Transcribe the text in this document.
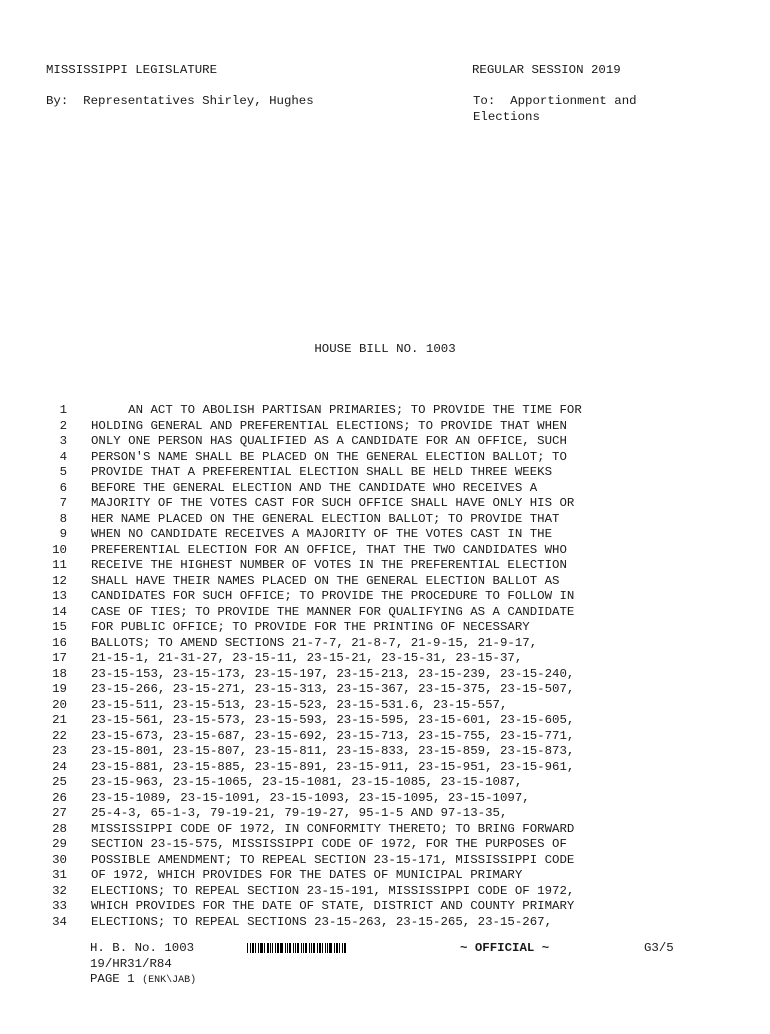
MISSISSIPPI LEGISLATURE	REGULAR SESSION 2019
By:  Representatives Shirley, Hughes	To:  Apportionment and
Elections
HOUSE BILL NO. 1003
1 AN ACT TO ABOLISH PARTISAN PRIMARIES; TO PROVIDE THE TIME FOR
2 HOLDING GENERAL AND PREFERENTIAL ELECTIONS; TO PROVIDE THAT WHEN
3 ONLY ONE PERSON HAS QUALIFIED AS A CANDIDATE FOR AN OFFICE, SUCH
4 PERSON'S NAME SHALL BE PLACED ON THE GENERAL ELECTION BALLOT; TO
5 PROVIDE THAT A PREFERENTIAL ELECTION SHALL BE HELD THREE WEEKS
6 BEFORE THE GENERAL ELECTION AND THE CANDIDATE WHO RECEIVES A
7 MAJORITY OF THE VOTES CAST FOR SUCH OFFICE SHALL HAVE ONLY HIS OR
8 HER NAME PLACED ON THE GENERAL ELECTION BALLOT; TO PROVIDE THAT
9 WHEN NO CANDIDATE RECEIVES A MAJORITY OF THE VOTES CAST IN THE
10 PREFERENTIAL ELECTION FOR AN OFFICE, THAT THE TWO CANDIDATES WHO
11 RECEIVE THE HIGHEST NUMBER OF VOTES IN THE PREFERENTIAL ELECTION
12 SHALL HAVE THEIR NAMES PLACED ON THE GENERAL ELECTION BALLOT AS
13 CANDIDATES FOR SUCH OFFICE; TO PROVIDE THE PROCEDURE TO FOLLOW IN
14 CASE OF TIES; TO PROVIDE THE MANNER FOR QUALIFYING AS A CANDIDATE
15 FOR PUBLIC OFFICE; TO PROVIDE FOR THE PRINTING OF NECESSARY
16 BALLOTS; TO AMEND SECTIONS 21-7-7, 21-8-7, 21-9-15, 21-9-17,
17 21-15-1, 21-31-27, 23-15-11, 23-15-21, 23-15-31, 23-15-37,
18 23-15-153, 23-15-173, 23-15-197, 23-15-213, 23-15-239, 23-15-240,
19 23-15-266, 23-15-271, 23-15-313, 23-15-367, 23-15-375, 23-15-507,
20 23-15-511, 23-15-513, 23-15-523, 23-15-531.6, 23-15-557,
21 23-15-561, 23-15-573, 23-15-593, 23-15-595, 23-15-601, 23-15-605,
22 23-15-673, 23-15-687, 23-15-692, 23-15-713, 23-15-755, 23-15-771,
23 23-15-801, 23-15-807, 23-15-811, 23-15-833, 23-15-859, 23-15-873,
24 23-15-881, 23-15-885, 23-15-891, 23-15-911, 23-15-951, 23-15-961,
25 23-15-963, 23-15-1065, 23-15-1081, 23-15-1085, 23-15-1087,
26 23-15-1089, 23-15-1091, 23-15-1093, 23-15-1095, 23-15-1097,
27 25-4-3, 65-1-3, 79-19-21, 79-19-27, 95-1-5 AND 97-13-35,
28 MISSISSIPPI CODE OF 1972, IN CONFORMITY THERETO; TO BRING FORWARD
29 SECTION 23-15-575, MISSISSIPPI CODE OF 1972, FOR THE PURPOSES OF
30 POSSIBLE AMENDMENT; TO REPEAL SECTION 23-15-171, MISSISSIPPI CODE
31 OF 1972, WHICH PROVIDES FOR THE DATES OF MUNICIPAL PRIMARY
32 ELECTIONS; TO REPEAL SECTION 23-15-191, MISSISSIPPI CODE OF 1972,
33 WHICH PROVIDES FOR THE DATE OF STATE, DISTRICT AND COUNTY PRIMARY
34 ELECTIONS; TO REPEAL SECTIONS 23-15-263, 23-15-265, 23-15-267,

H. B. No. 1003

	~ OFFICIAL ~

	G3/5

19/HR31/R84
PAGE 1 (ENK\JAB)
